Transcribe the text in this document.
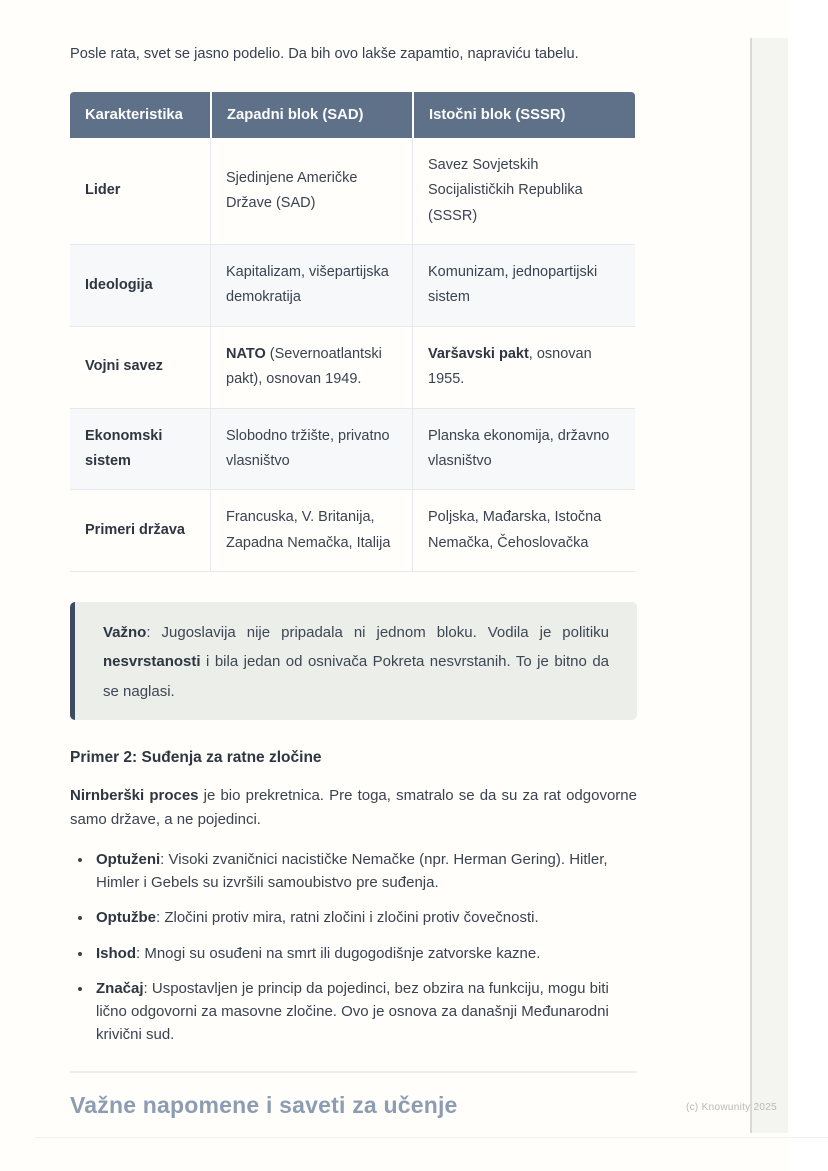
Posle rata, svet se jasno podelio. Da bih ovo lakše zapamtio, napraviću tabelu.

Karakteristika	Zapadni blok (SAD)	Istočni blok (SSSR)
Lider	Sjedinjene Američke Države (SAD)	Savez Sovjetskih Socijalističkih Republika (SSSR)
Ideologija	Kapitalizam, višepartijska demokratija	Komunizam, jednopartijski sistem
Vojni savez	NATO (Severnoatlantski pakt), osnovan 1949.	Varšavski pakt, osnovan 1955.
Ekonomski sistem	Slobodno tržište, privatno vlasništvo	Planska ekonomija, državno vlasništvo
Primeri država	Francuska, V. Britanija, Zapadna Nemačka, Italija	Poljska, Mađarska, Istočna Nemačka, Čehoslovačka
Važno: Jugoslavija nije pripadala ni jednom bloku. Vodila je politiku nesvrstanosti i bila jedan od osnivača Pokreta nesvrstanih. To je bitno da se naglasi.
Primer 2: Suđenja za ratne zločine

Nirnberški proces je bio prekretnica. Pre toga, smatralo se da su za rat odgovorne samo države, a ne pojedinci.

• Optuženi: Visoki zvaničnici nacističke Nemačke (npr. Herman Gering). Hitler, Himler i Gebels su izvršili samoubistvo pre suđenja.
• Optužbe: Zločini protiv mira, ratni zločini i zločini protiv čovečnosti.
• Ishod: Mnogi su osuđeni na smrt ili dugogodišnje zatvorske kazne.
• Značaj: Uspostavljen je princip da pojedinci, bez obzira na funkciju, mogu biti lično odgovorni za masovne zločine. Ovo je osnova za današnji Međunarodni krivični sud.
Važne napomene i saveti za učenje	(c) Knowunity 2025
